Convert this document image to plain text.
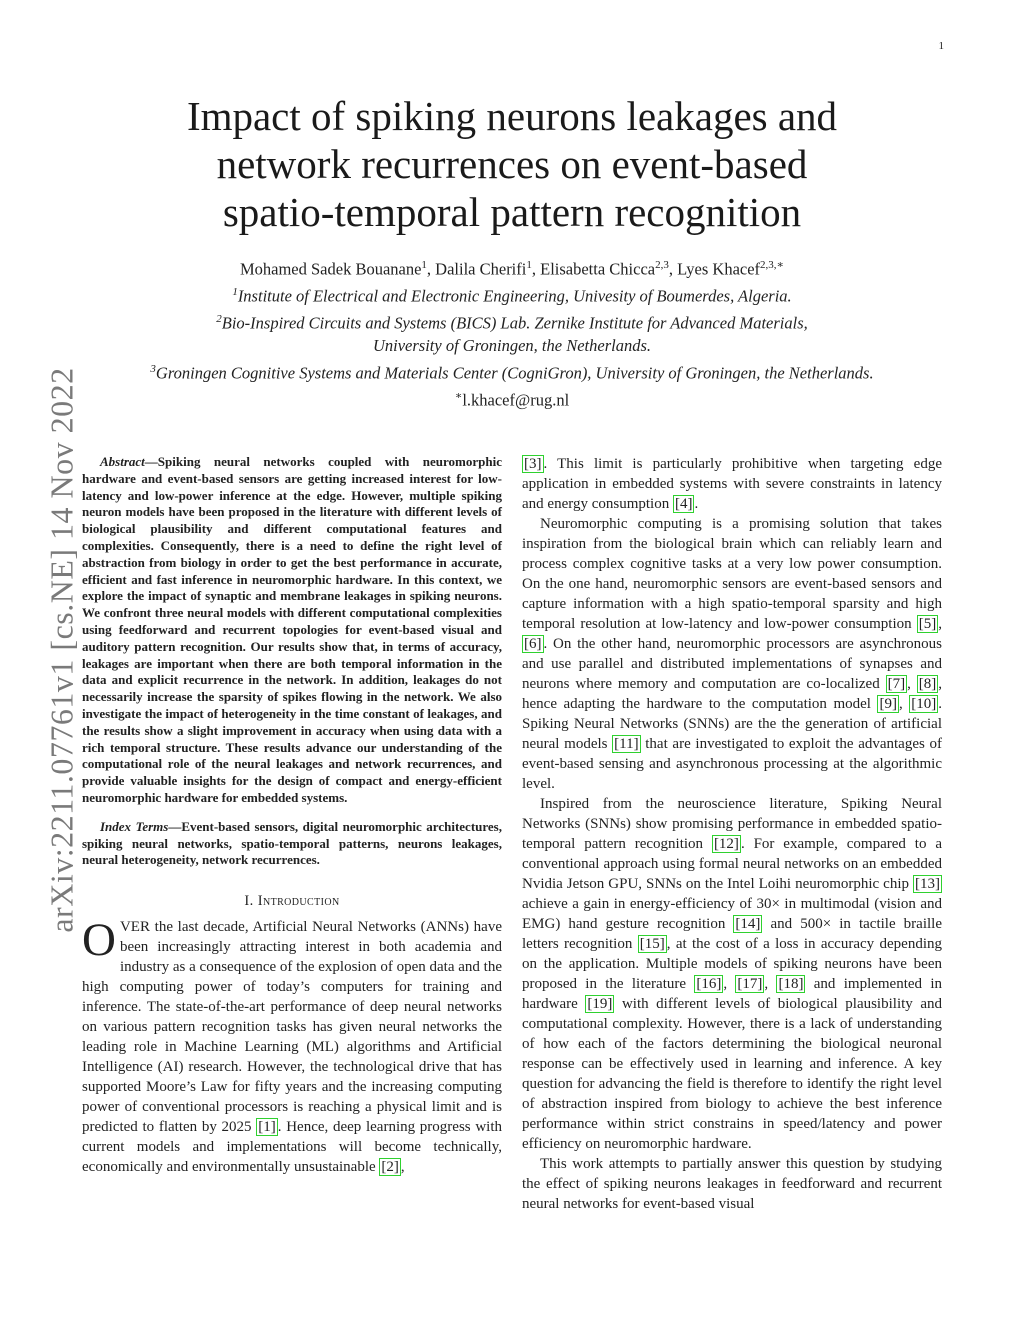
1
arXiv:2211.07761v1 [cs.NE] 14 Nov 2022
Impact of spiking neurons leakages and
network recurrences on event-based
spatio-temporal pattern recognition
Mohamed Sadek Bouanane$^1$, Dalila Cherifi$^1$, Elisabetta Chicca$^{2,3}$, Lyes Khacef$^{2,3,∗}$
$^1$Institute of Electrical and Electronic Engineering, Univesity of Boumerdes, Algeria.
$^2$Bio-Inspired Circuits and Systems (BICS) Lab. Zernike Institute for Advanced Materials,
University of Groningen, the Netherlands.
$^3$Groningen Cognitive Systems and Materials Center (CogniGron), University of Groningen, the Netherlands.
∗l.khacef@rug.nl

Abstract—Spiking neural networks coupled with neuromorphic hardware and event-based sensors are getting increased interest for low-latency and low-power inference at the edge. However, multiple spiking neuron models have been proposed in the literature with different levels of biological plausibility and different computational features and complexities. Consequently, there is a need to define the right level of abstraction from biology in order to get the best performance in accurate, efficient and fast inference in neuromorphic hardware. In this context, we explore the impact of synaptic and membrane leakages in spiking neurons. We confront three neural models with different computational complexities using feedforward and recurrent topologies for event-based visual and auditory pattern recognition. Our results show that, in terms of accuracy, leakages are important when there are both temporal information in the data and explicit recurrence in the network. In addition, leakages do not necessarily increase the sparsity of spikes flowing in the network. We also investigate the impact of heterogeneity in the time constant of leakages, and the results show a slight improvement in accuracy when using data with a rich temporal structure. These results advance our understanding of the computational role of the neural leakages and network recurrences, and provide valuable insights for the design of compact and energy-efficient neuromorphic hardware for embedded systems.

Index Terms—Event-based sensors, digital neuromorphic architectures, spiking neural networks, spatio-temporal patterns, neurons leakages, neural heterogeneity, network recurrences.

I. Introduction

OVER the last decade, Artificial Neural Networks (ANNs) have been increasingly attracting interest in both academia and industry as a consequence of the explosion of open data and the high computing power of today’s computers for training and inference. The state-of-the-art performance of deep neural networks on various pattern recognition tasks has given neural networks the leading role in Machine Learning (ML) algorithms and Artificial Intelligence (AI) research. However, the technological drive that has supported Moore’s Law for fifty years and the increasing computing power of conventional processors is reaching a physical limit and is predicted to flatten by 2025 [1] . Hence, deep learning progress with current models and implementations will become technically, economically and environmentally unsustainable [2] ,

[3] . This limit is particularly prohibitive when targeting edge application in embedded systems with severe constraints in latency and energy consumption [4] .

Neuromorphic computing is a promising solution that takes inspiration from the biological brain which can reliably learn and process complex cognitive tasks at a very low power consumption. On the one hand, neuromorphic sensors are event-based sensors and capture information with a high spatio-temporal sparsity and high temporal resolution at low-latency and low-power consumption [5] , [6] . On the other hand, neuromorphic processors are asynchronous and use parallel and distributed implementations of synapses and neurons where memory and computation are co-localized [7] , [8] , hence adapting the hardware to the computation model [9] , [10] . Spiking Neural Networks (SNNs) are the the generation of artificial neural models [11] that are investigated to exploit the advantages of event-based sensing and asynchronous processing at the algorithmic level.

Inspired from the neuroscience literature, Spiking Neural Networks (SNNs) show promising performance in embedded spatio-temporal pattern recognition [12] . For example, compared to a conventional approach using formal neural networks on an embedded Nvidia Jetson GPU, SNNs on the Intel Loihi neuromorphic chip [13] achieve a gain in energy-efficiency of 30× in multimodal (vision and EMG) hand gesture recognition [14] and 500× in tactile braille letters recognition [15] , at the cost of a loss in accuracy depending on the application. Multiple models of spiking neurons have been proposed in the literature [16] , [17] , [18] and implemented in hardware [19] with different levels of biological plausibility and computational complexity. However, there is a lack of understanding of how each of the factors determining the biological neuronal response can be effectively used in learning and inference. A key question for advancing the field is therefore to identify the right level of abstraction inspired from biology to achieve the best inference performance within strict constrains in speed/latency and power efficiency on neuromorphic hardware.

This work attempts to partially answer this question by studying the effect of spiking neurons leakages in feedforward and recurrent neural networks for event-based visual
